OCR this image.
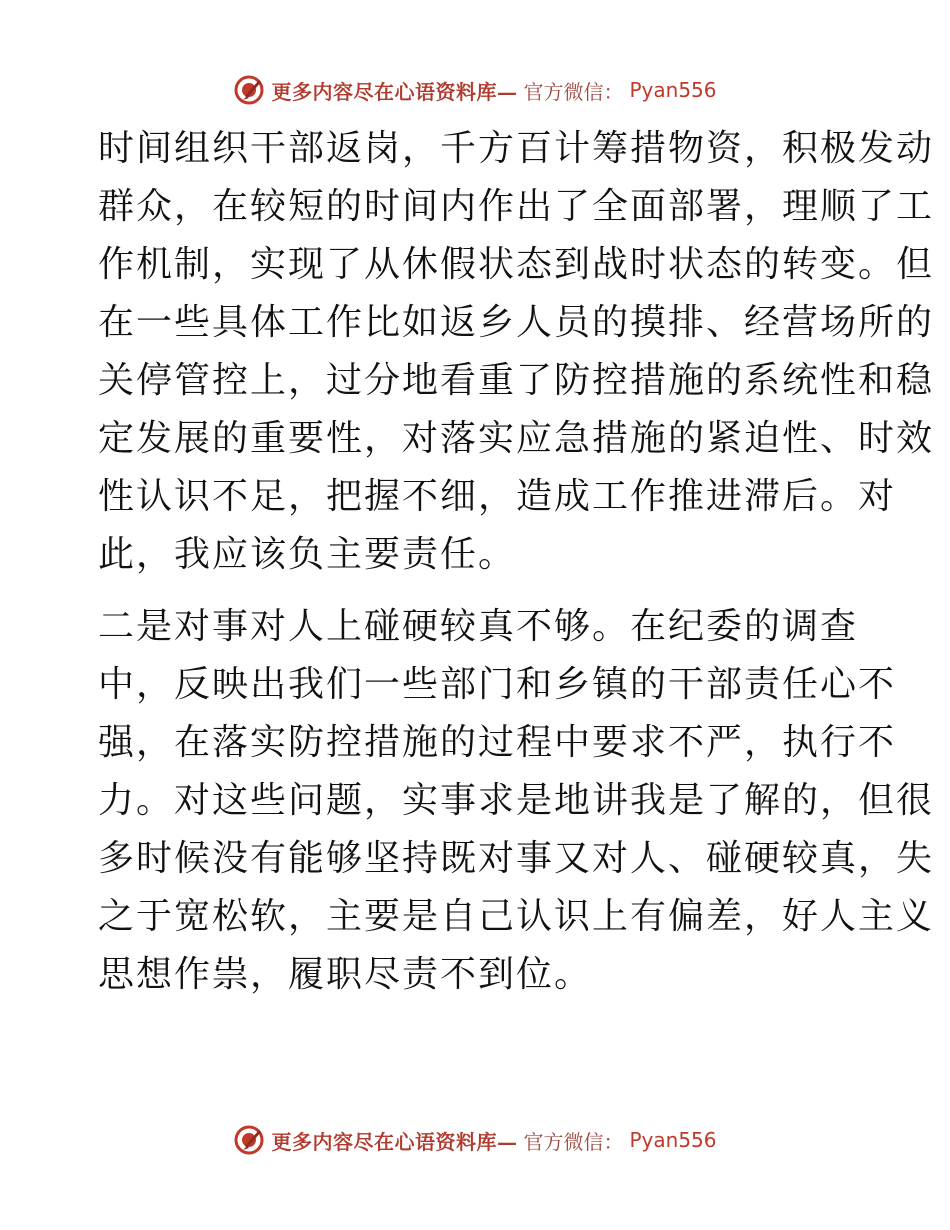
更多内容尽在心语资料库— 官方微信： Pyan556
时间组织干部返岗，千方百计筹措物资，积极发动
群众，在较短的时间内作出了全面部署，理顺了工
作机制，实现了从休假状态到战时状态的转变。但
在一些具体工作比如返乡人员的摸排、经营场所的
关停管控上，过分地看重了防控措施的系统性和稳
定发展的重要性，对落实应急措施的紧迫性、时效
性认识不足，把握不细，造成工作推进滞后。对
此，我应该负主要责任。
二是对事对人上碰硬较真不够。在纪委的调查
中，反映出我们一些部门和乡镇的干部责任心不
强，在落实防控措施的过程中要求不严，执行不
力。对这些问题，实事求是地讲我是了解的，但很
多时候没有能够坚持既对事又对人、碰硬较真，失
之于宽松软，主要是自己认识上有偏差，好人主义
思想作祟，履职尽责不到位。
更多内容尽在心语资料库— 官方微信： Pyan556
